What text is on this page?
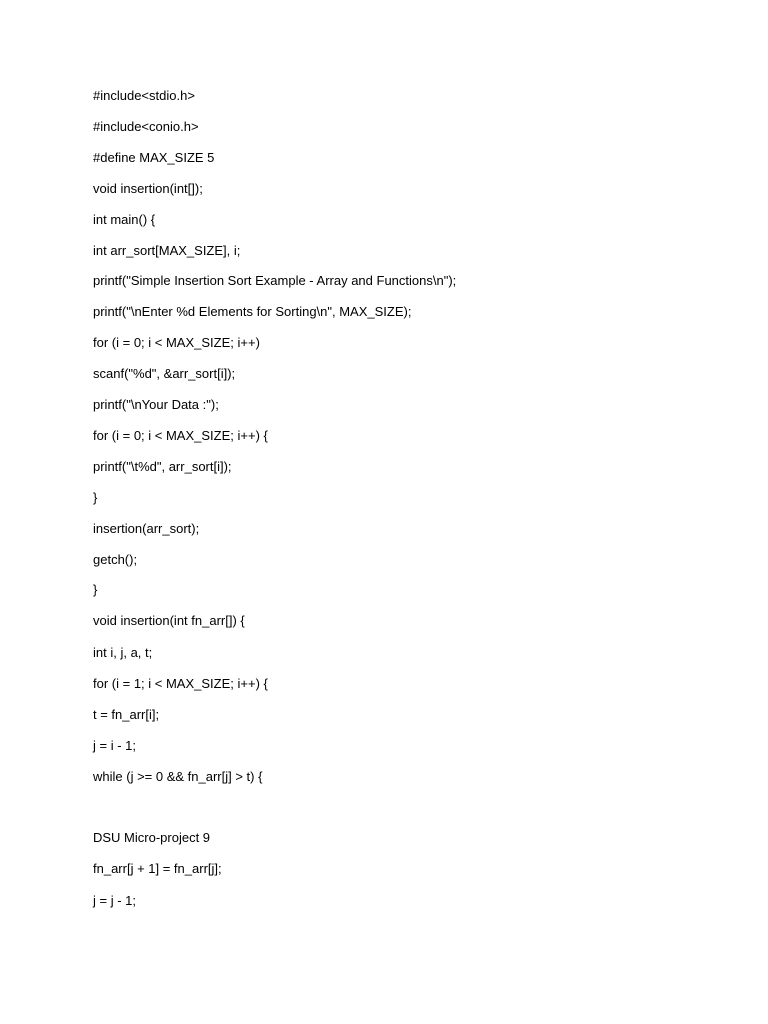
#include<stdio.h>
#include<conio.h>
#define MAX_SIZE 5
void insertion(int[]);
int main() {
int arr_sort[MAX_SIZE], i;
printf("Simple Insertion Sort Example - Array and Functions\n");
printf("\nEnter %d Elements for Sorting\n", MAX_SIZE);
for (i = 0; i < MAX_SIZE; i++)
scanf("%d", &arr_sort[i]);
printf("\nYour Data :");
for (i = 0; i < MAX_SIZE; i++) {
printf("\t%d", arr_sort[i]);
}
insertion(arr_sort);
getch();
}
void insertion(int fn_arr[]) {
int i, j, a, t;
for (i = 1; i < MAX_SIZE; i++) {
t = fn_arr[i];
j = i - 1;
while (j >= 0 && fn_arr[j] > t) {
DSU Micro-project 9
fn_arr[j + 1] = fn_arr[j];
j = j - 1;
